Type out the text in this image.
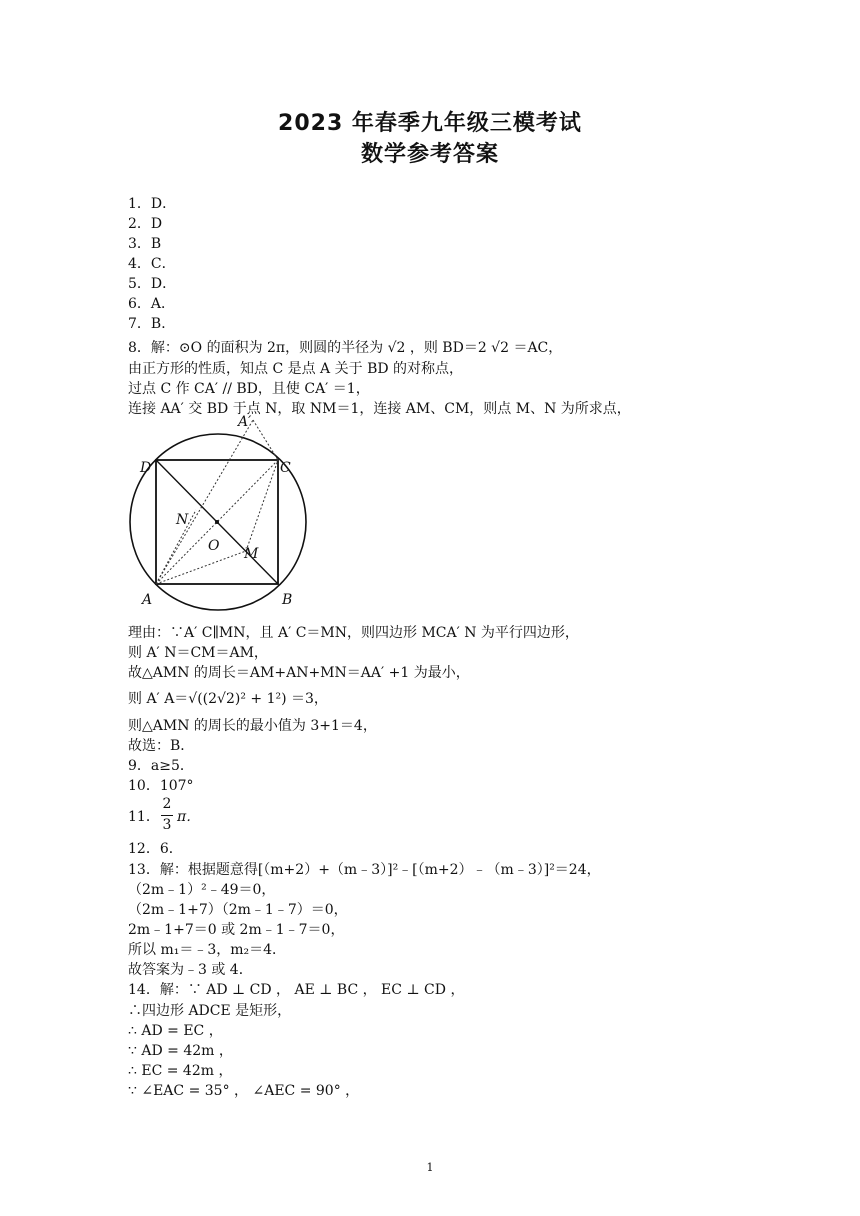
2023 年春季九年级三模考试
数学参考答案
1．D．
2．D
3．B
4．C．
5．D．
6．A．
7．B．
8．解：⊙O 的面积为 2π，则圆的半径为 √2 ，则 BD＝2 √2 ＝AC，
由正方形的性质，知点 C 是点 A 关于 BD 的对称点，
过点 C 作 CA′ // BD，且使 CA′ ＝1，
连接 AA′ 交 BD 于点 N，取 NM＝1，连接 AM、CM，则点 M、N 为所求点，
A′
D	C
N
O M
A	B
理由：∵A′ C∥MN，且 A′ C＝MN，则四边形 MCA′ N 为平行四边形，
则 A′ N＝CM＝AM，
故△AMN 的周长＝AM+AN+MN＝AA′ +1 为最小，
则 A′ A＝√((2√2)² + 1²) ＝3，
则△AMN 的周长的最小值为 3+1＝4，
故选：B．
9．a≥5．
10．107°
11．
2
3 π．
12．6．
13．解：根据题意得[（m+2）+（m﹣3）]²﹣[（m+2）﹣（m﹣3）]²＝24，
（2m﹣1）²﹣49＝0，
（2m﹣1+7）（2m﹣1﹣7）＝0，
2m﹣1+7＝0 或 2m﹣1﹣7＝0，
所以 m₁＝﹣3，m₂＝4．
故答案为﹣3 或 4．
14．解：∵ AD ⊥ CD ， AE ⊥ BC ， EC ⊥ CD ，
∴四边形 ADCE 是矩形，
∴ AD = EC ，
∵ AD = 42m ，
∴ EC = 42m ，
∵ ∠EAC = 35° ， ∠AEC = 90° ，
1
